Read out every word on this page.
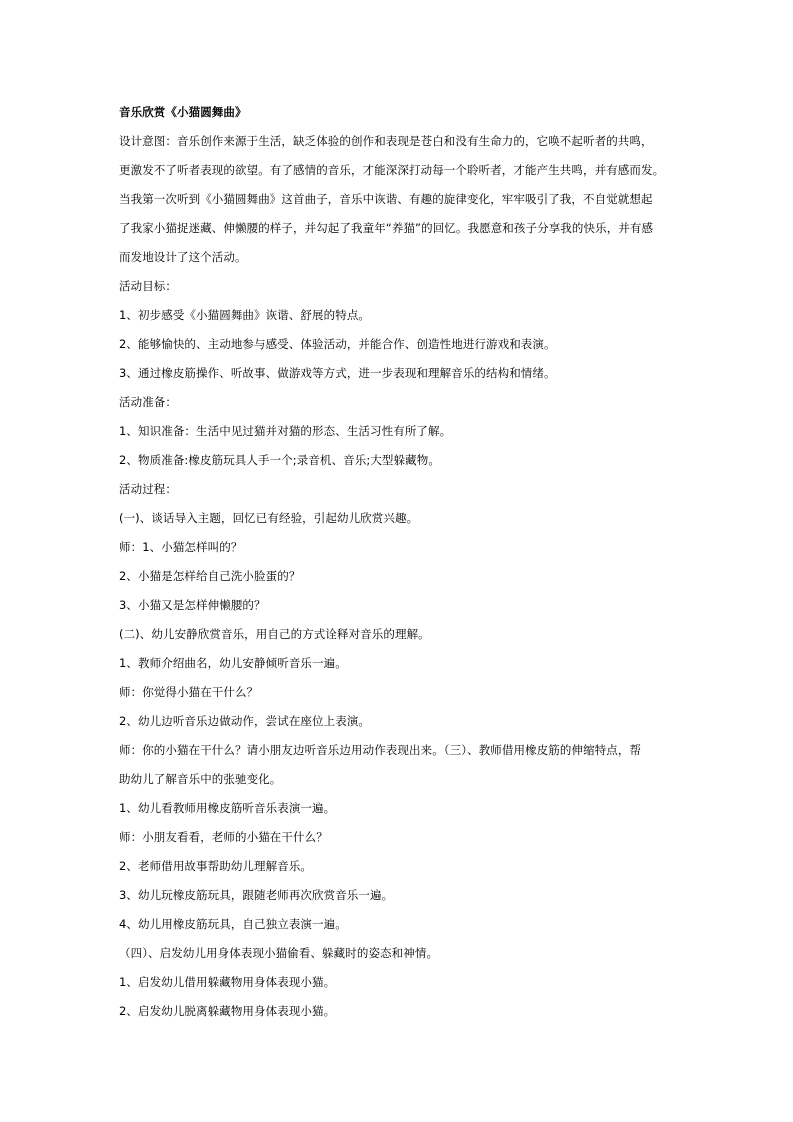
音乐欣赏《小猫圆舞曲》
设计意图：音乐创作来源于生活，缺乏体验的创作和表现是苍白和没有生命力的，它唤不起听者的共鸣，
更激发不了听者表现的欲望。有了感情的音乐，才能深深打动每一个聆听者，才能产生共鸣，并有感而发。
当我第一次听到《小猫圆舞曲》这首曲子，音乐中诙谐、有趣的旋律变化，牢牢吸引了我，不自觉就想起
了我家小猫捉迷藏、伸懒腰的样子，并勾起了我童年“养猫”的回忆。我愿意和孩子分享我的快乐，并有感
而发地设计了这个活动。
活动目标：
1、初步感受《小猫圆舞曲》诙谐、舒展的特点。
2、能够愉快的、主动地参与感受、体验活动，并能合作、创造性地进行游戏和表演。
3、通过橡皮筋操作、听故事、做游戏等方式，进一步表现和理解音乐的结构和情绪。
活动准备：
1、知识准备：生活中见过猫并对猫的形态、生活习性有所了解。
2、物质准备:橡皮筋玩具人手一个;录音机、音乐;大型躲藏物。
活动过程：
(一)、谈话导入主题，回忆已有经验，引起幼儿欣赏兴趣。
师：1、小猫怎样叫的？
2、小猫是怎样给自己洗小脸蛋的？
3、小猫又是怎样伸懒腰的？
(二)、幼儿安静欣赏音乐，用自己的方式诠释对音乐的理解。
1、教师介绍曲名，幼儿安静倾听音乐一遍。
师：你觉得小猫在干什么？
2、幼儿边听音乐边做动作，尝试在座位上表演。
师：你的小猫在干什么？请小朋友边听音乐边用动作表现出来。（三）、教师借用橡皮筋的伸缩特点，帮
助幼儿了解音乐中的张驰变化。
1、幼儿看教师用橡皮筋听音乐表演一遍。
师：小朋友看看，老师的小猫在干什么？
2、老师借用故事帮助幼儿理解音乐。
3、幼儿玩橡皮筋玩具，跟随老师再次欣赏音乐一遍。
4、幼儿用橡皮筋玩具，自己独立表演一遍。
（四）、启发幼儿用身体表现小猫偷看、躲藏时的姿态和神情。
1、启发幼儿借用躲藏物用身体表现小猫。
2、启发幼儿脱离躲藏物用身体表现小猫。
